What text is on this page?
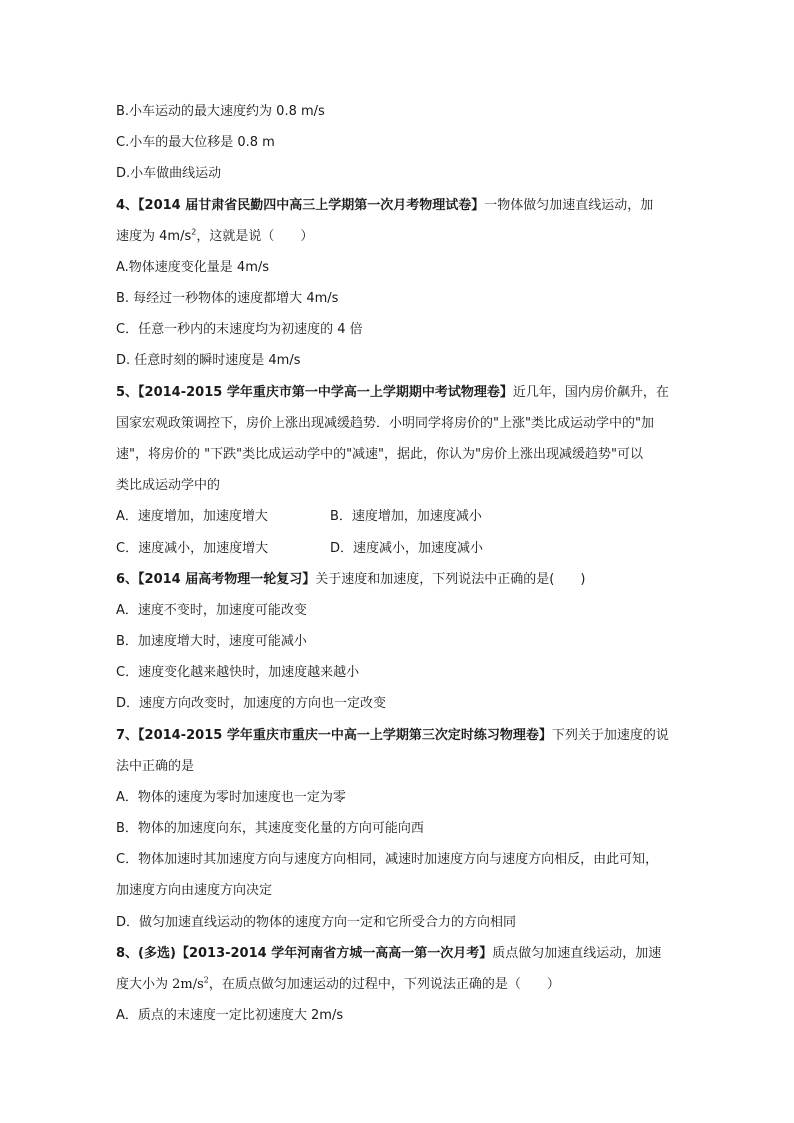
B.小车运动的最大速度约为 0.8 m/s
C.小车的最大位移是 0.8 m
D.小车做曲线运动
4、【2014 届甘肃省民勤四中高三上学期第一次月考物理试卷】一物体做匀加速直线运动，加
速度为 $4m/s^2$，这就是说（　　）
A.物体速度变化量是 4m/s
B. 每经过一秒物体的速度都增大 4m/s
C．任意一秒内的末速度均为初速度的 4 倍
D. 任意时刻的瞬时速度是 4m/s
5、【2014-2015 学年重庆市第一中学高一上学期期中考试物理卷】近几年，国内房价飙升，在
国家宏观政策调控下，房价上涨出现减缓趋势．小明同学将房价的"上涨"类比成运动学中的"加
速"，将房价的 "下跌"类比成运动学中的"减速"，据此，你认为"房价上涨出现减缓趋势"可以
类比成运动学中的
A．速度增加，加速度增大	B．速度增加，加速度减小
C．速度减小，加速度增大	D．速度减小，加速度减小
6、【2014 届高考物理一轮复习】关于速度和加速度，下列说法中正确的是(　　)
A．速度不变时，加速度可能改变
B．加速度增大时，速度可能减小
C．速度变化越来越快时，加速度越来越小
D．速度方向改变时，加速度的方向也一定改变
7、【2014-2015 学年重庆市重庆一中高一上学期第三次定时练习物理卷】下列关于加速度的说
法中正确的是
A．物体的速度为零时加速度也一定为零
B．物体的加速度向东，其速度变化量的方向可能向西
C．物体加速时其加速度方向与速度方向相同，减速时加速度方向与速度方向相反，由此可知，
加速度方向由速度方向决定
D．做匀加速直线运动的物体的速度方向一定和它所受合力的方向相同
8、(多选)【2013-2014 学年河南省方城一高高一第一次月考】质点做匀加速直线运动，加速
度大小为 $2m/s^2$，在质点做匀加速运动的过程中，下列说法正确的是（　　）
A．质点的末速度一定比初速度大 2m/s
